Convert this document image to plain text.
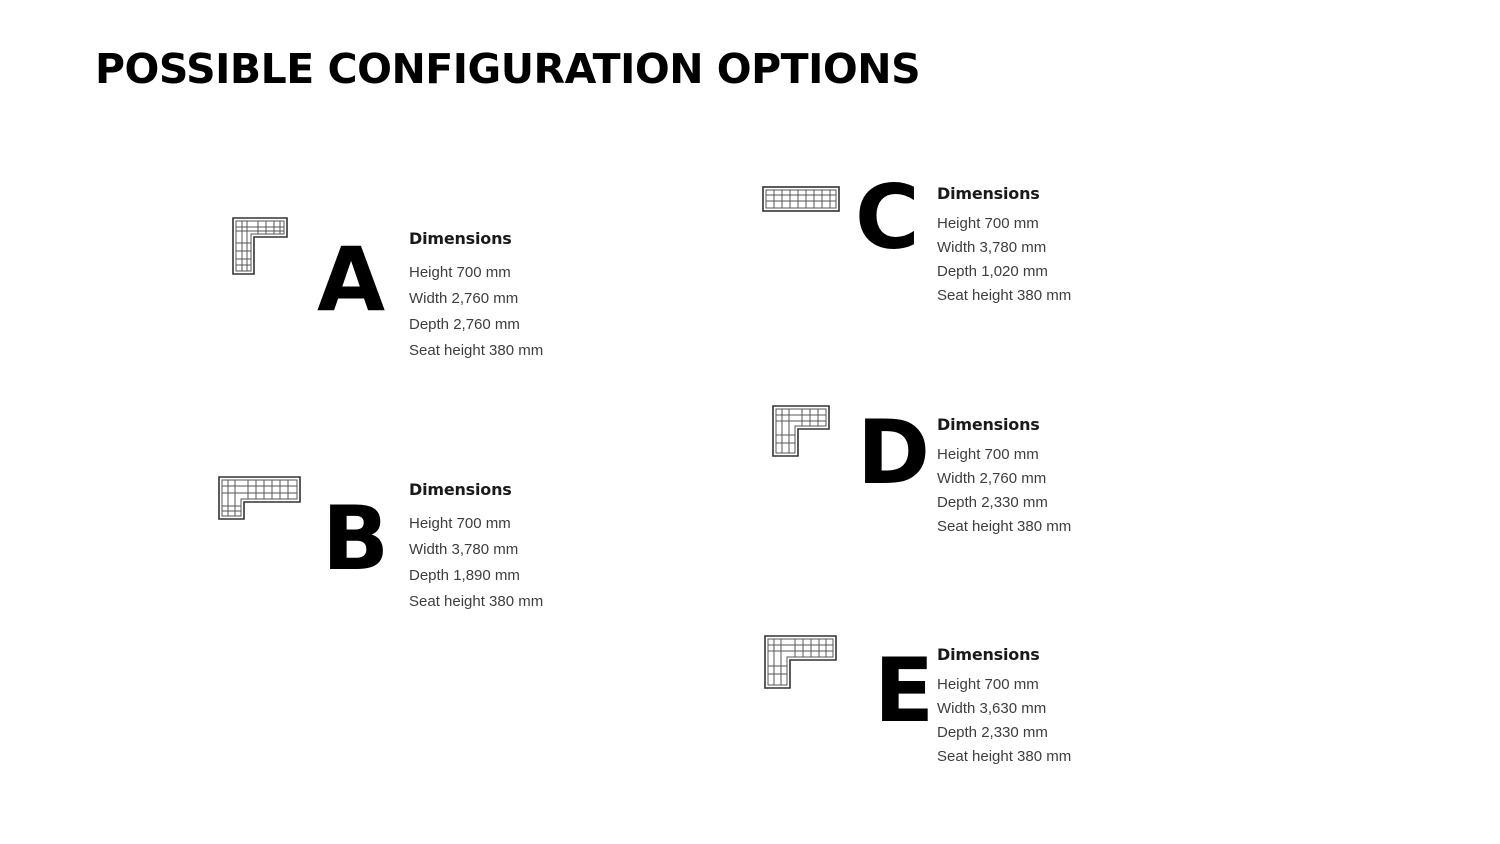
POSSIBLE CONFIGURATION OPTIONS
A Dimensions
Height 700 mm
Width 2,760 mm
Depth 2,760 mm
Seat height 380 mm
B Dimensions
Height 700 mm
Width 3,780 mm
Depth 1,890 mm
Seat height 380 mm
C Dimensions
Height 700 mm
Width 3,780 mm
Depth 1,020 mm
Seat height 380 mm
D Dimensions
Height 700 mm
Width 2,760 mm
Depth 2,330 mm
Seat height 380 mm
E Dimensions
Height 700 mm
Width 3,630 mm
Depth 2,330 mm
Seat height 380 mm
